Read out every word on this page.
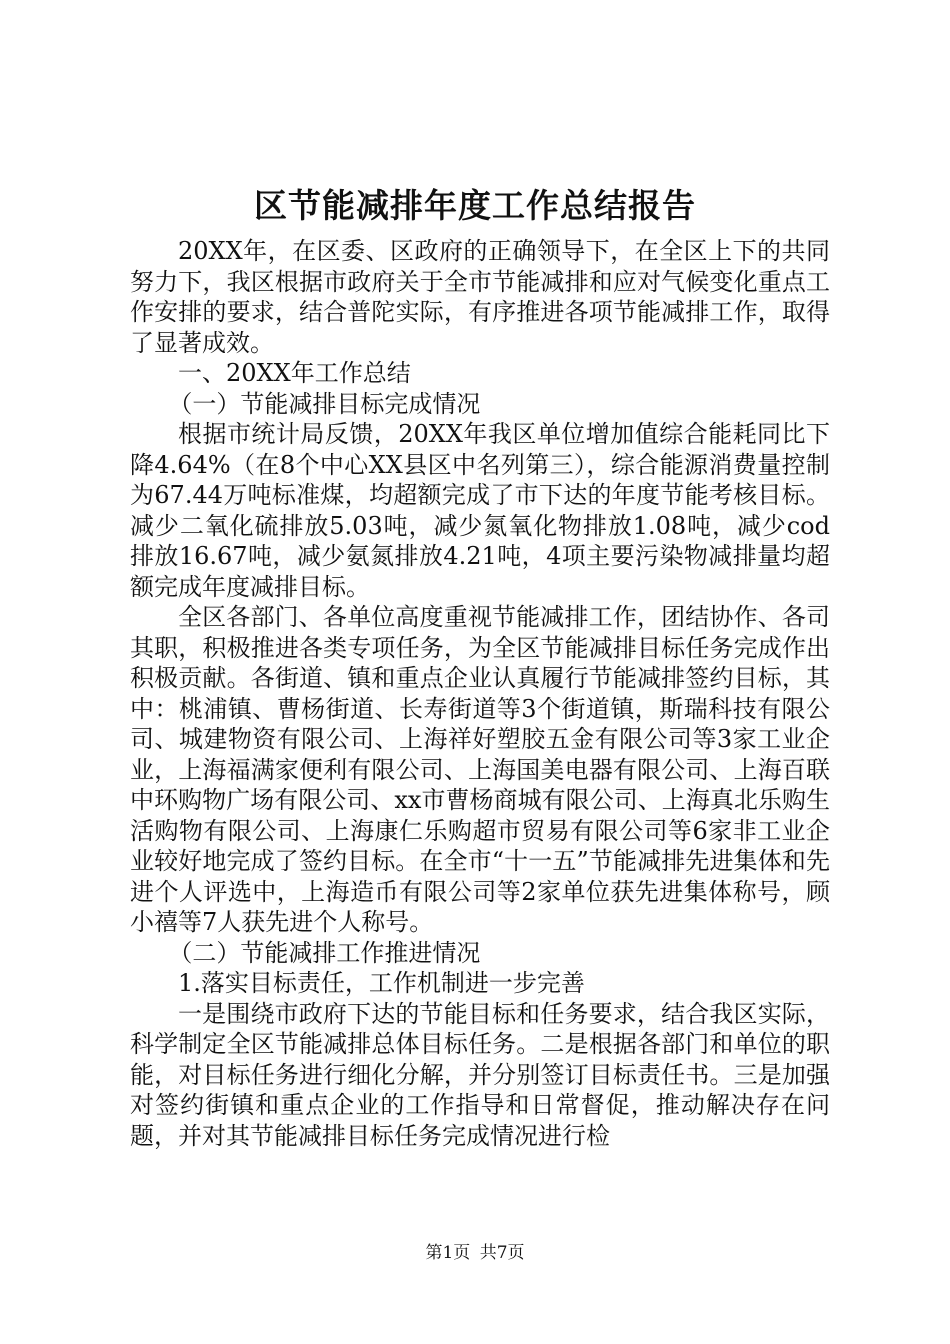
区节能减排年度工作总结报告

20XX年，在区委、区政府的正确领导下，在全区上下的共同努力下，我区根据市政府关于全市节能减排和应对气候变化重点工作安排的要求，结合普陀实际，有序推进各项节能减排工作，取得了显著成效。

一、20XX年工作总结

（一）节能减排目标完成情况

根据市统计局反馈，20XX年我区单位增加值综合能耗同比下降4.64%（在8个中心XX县区中名列第三），综合能源消费量控制为67.44万吨标准煤，均超额完成了市下达的年度节能考核目标。减少二氧化硫排放5.03吨，减少氮氧化物排放1.08吨，减少cod排放16.67吨，减少氨氮排放4.21吨，4项主要污染物减排量均超额完成年度减排目标。

全区各部门、各单位高度重视节能减排工作，团结协作、各司其职，积极推进各类专项任务，为全区节能减排目标任务完成作出积极贡献。各街道、镇和重点企业认真履行节能减排签约目标，其中：桃浦镇、曹杨街道、长寿街道等3个街道镇，斯瑞科技有限公司、城建物资有限公司、上海祥好塑胶五金有限公司等3家工业企业，上海福满家便利有限公司、上海国美电器有限公司、上海百联中环购物广场有限公司、xx市曹杨商城有限公司、上海真北乐购生活购物有限公司、上海康仁乐购超市贸易有限公司等6家非工业企业较好地完成了签约目标。在全市“十一五”节能减排先进集体和先进个人评选中，上海造币有限公司等2家单位获先进集体称号，顾小禧等7人获先进个人称号。

（二）节能减排工作推进情况

1.落实目标责任，工作机制进一步完善

一是围绕市政府下达的节能目标和任务要求，结合我区实际，科学制定全区节能减排总体目标任务。二是根据各部门和单位的职能，对目标任务进行细化分解，并分别签订目标责任书。三是加强对签约街镇和重点企业的工作指导和日常督促，推动解决存在问题，并对其节能减排目标任务完成情况进行检

第1页 共7页
